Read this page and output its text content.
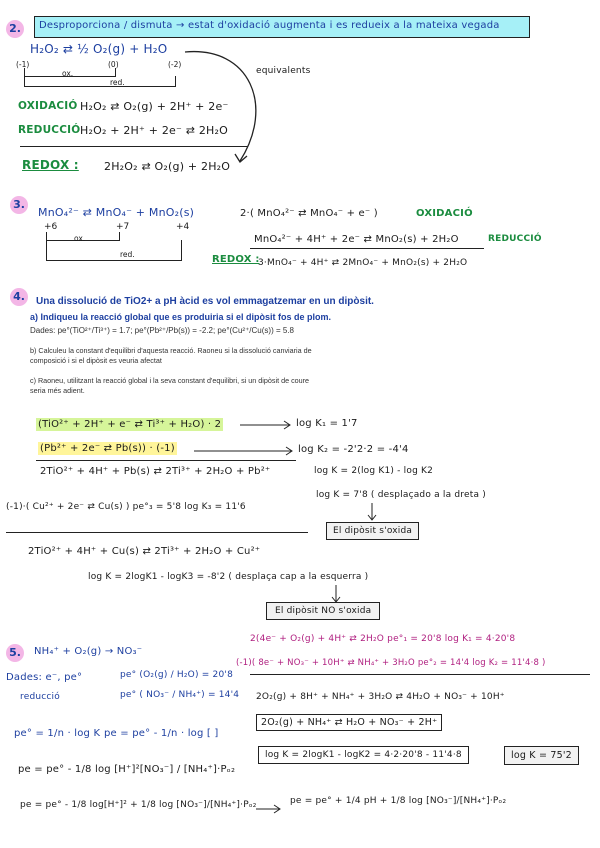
2.	Desproporciona / dismuta → estat d'oxidació augmenta i es redueix a la mateixa vegada
H₂O₂ ⇄ ½ O₂(g) + H₂O
(-1)	(0)	(-2)
ox.
red.
equivalents
OXIDACIÓ H₂O₂ ⇄ O₂(g) + 2H⁺ + 2e⁻
REDUCCIÓ H₂O₂ + 2H⁺ + 2e⁻ ⇄ 2H₂O
REDOX : 2H₂O₂ ⇄ O₂(g) + 2H₂O
3.
MnO₄²⁻ ⇄ MnO₄⁻ + MnO₂(s)
+6	+7	+4
ox.
red.
2·( MnO₄²⁻ ⇄ MnO₄⁻ + e⁻ )	OXIDACIÓ
MnO₄²⁻ + 4H⁺ + 2e⁻ ⇄ MnO₂(s) + 2H₂O	REDUCCIÓ
REDOX :
3·MnO₄⁻ + 4H⁺ ⇄ 2MnO₄⁻ + MnO₂(s) + 2H₂O
4.	Una dissolució de TiO2+ a pH àcid es vol emmagatzemar en un dipòsit.
a) Indiqueu la reacció global que es produiria si el dipòsit fos de plom.
Dades: pe°(TiO²⁺/Ti³⁺) = 1.7; pe°(Pb²⁺/Pb(s)) = -2.2; pe°(Cu²⁺/Cu(s)) = 5.8
b) Calculeu la constant d'equilibri d'aquesta reacció. Raoneu si la dissolució canviaria de composició i si el dipòsit es veuria afectat
c) Raoneu, utilitzant la reacció global i la seva constant d'equilibri, si un dipòsit de coure seria més adient.
(TiO²⁺ + 2H⁺ + e⁻ ⇄ Ti³⁺ + H₂O) · 2	log K₁ = 1'7
(Pb²⁺ + 2e⁻ ⇄ Pb(s)) · (-1)	log K₂ = -2'2·2 = -4'4
2TiO²⁺ + 4H⁺ + Pb(s) ⇄ 2Ti³⁺ + 2H₂O + Pb²⁺	log K = 2(log K1) - log K2
log K = 7'8 ( desplaçado a la dreta )
(-1)·( Cu²⁺ + 2e⁻ ⇄ Cu(s) ) pe°₃ = 5'8 log K₃ = 11'6
El dipòsit s'oxida
2TiO²⁺ + 4H⁺ + Cu(s) ⇄ 2Ti³⁺ + 2H₂O + Cu²⁺
log K = 2logK1 - logK3 = -8'2 ( desplaça cap a la esquerra )
El dipòsit NO s'oxida
5.	NH₄⁺ + O₂(g) → NO₃⁻
Dades: e⁻, pe°
reducció
pe° (O₂(g) / H₂O) = 20'8
pe° ( NO₃⁻ / NH₄⁺) = 14'4
2(4e⁻ + O₂(g) + 4H⁺ ⇄ 2H₂O pe°₁ = 20'8 log K₁ = 4·20'8
(-1)( 8e⁻ + NO₃⁻ + 10H⁺ ⇄ NH₄⁺ + 3H₂O pe°₂ = 14'4 log K₂ = 11'4·8 )
2O₂(g) + 8H⁺ + NH₄⁺ + 3H₂O ⇄ 4H₂O + NO₃⁻ + 10H⁺
2O₂(g) + NH₄⁺ ⇄ H₂O + NO₃⁻ + 2H⁺
pe° = 1/n · log K pe = pe° - 1/n · log [ ]
log K = 2logK1 - logK2 = 4·2·20'8 - 11'4·8	log K = 75'2
pe = pe° - 1/8 log [H⁺]²[NO₃⁻] / [NH₄⁺]·Pₒ₂
pe = pe° - 1/8 log[H⁺]² + 1/8 log [NO₃⁻]/[NH₄⁺]·Pₒ₂	pe = pe° + 1/4 pH + 1/8 log [NO₃⁻]/[NH₄⁺]·Pₒ₂
